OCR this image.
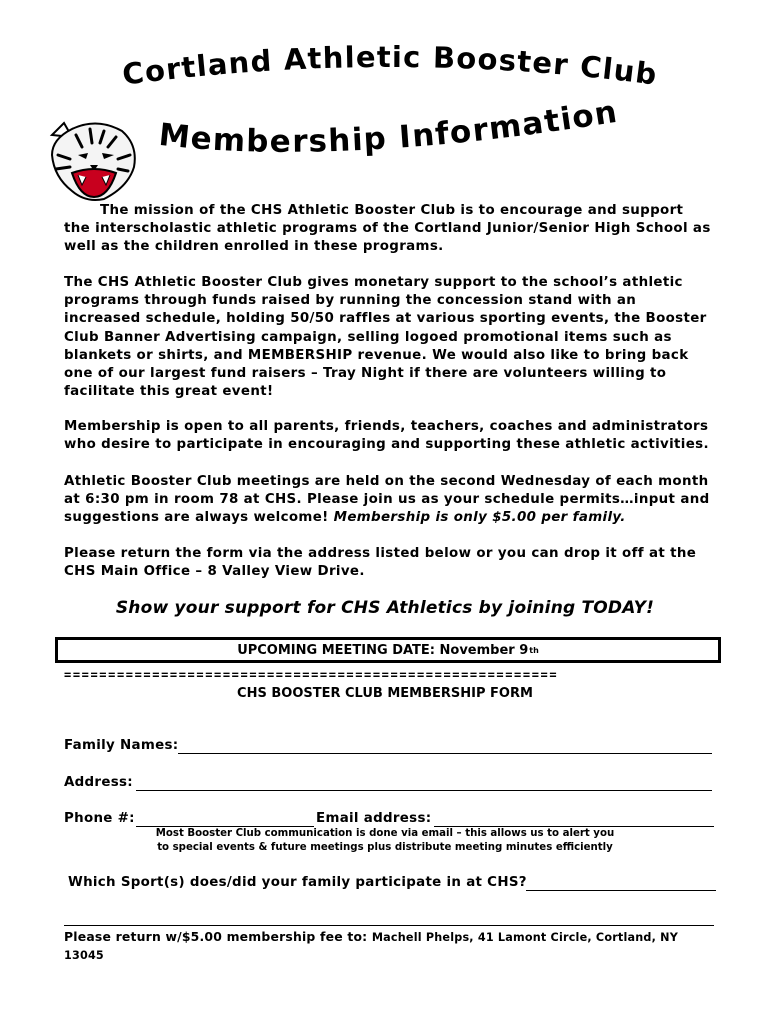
Cortland Athletic Booster Club
Membership Information

The mission of the CHS Athletic Booster Club is to encourage and support the interscholastic athletic programs of the Cortland Junior/Senior High School as well as the children enrolled in these programs.

The CHS Athletic Booster Club gives monetary support to the school’s athletic programs through funds raised by running the concession stand with an increased schedule, holding 50/50 raffles at various sporting events, the Booster Club Banner Advertising campaign, selling logoed promotional items such as blankets or shirts, and MEMBERSHIP revenue. We would also like to bring back one of our largest fund raisers – Tray Night if there are volunteers willing to facilitate this great event!

Membership is open to all parents, friends, teachers, coaches and administrators who desire to participate in encouraging and supporting these athletic activities.

Athletic Booster Club meetings are held on the second Wednesday of each month at 6:30 pm in room 78 at CHS. Please join us as your schedule permits…input and suggestions are always welcome! Membership is only $5.00 per family.

Please return the form via the address listed below or you can drop it off at the CHS Main Office – 8 Valley View Drive.

Show your support for CHS Athletics by joining TODAY!
UPCOMING MEETING DATE: November 9 th
========================================================
CHS BOOSTER CLUB MEMBERSHIP FORM
Family Names:
Address:
Phone #:	Email address:
Most Booster Club communication is done via email – this allows us to alert you
to special events & future meetings plus distribute meeting minutes efficiently
Which Sport(s) does/did your family participate in at CHS?
Please return w/$5.00 membership fee to: Machell Phelps, 41 Lamont Circle, Cortland, NY 13045
